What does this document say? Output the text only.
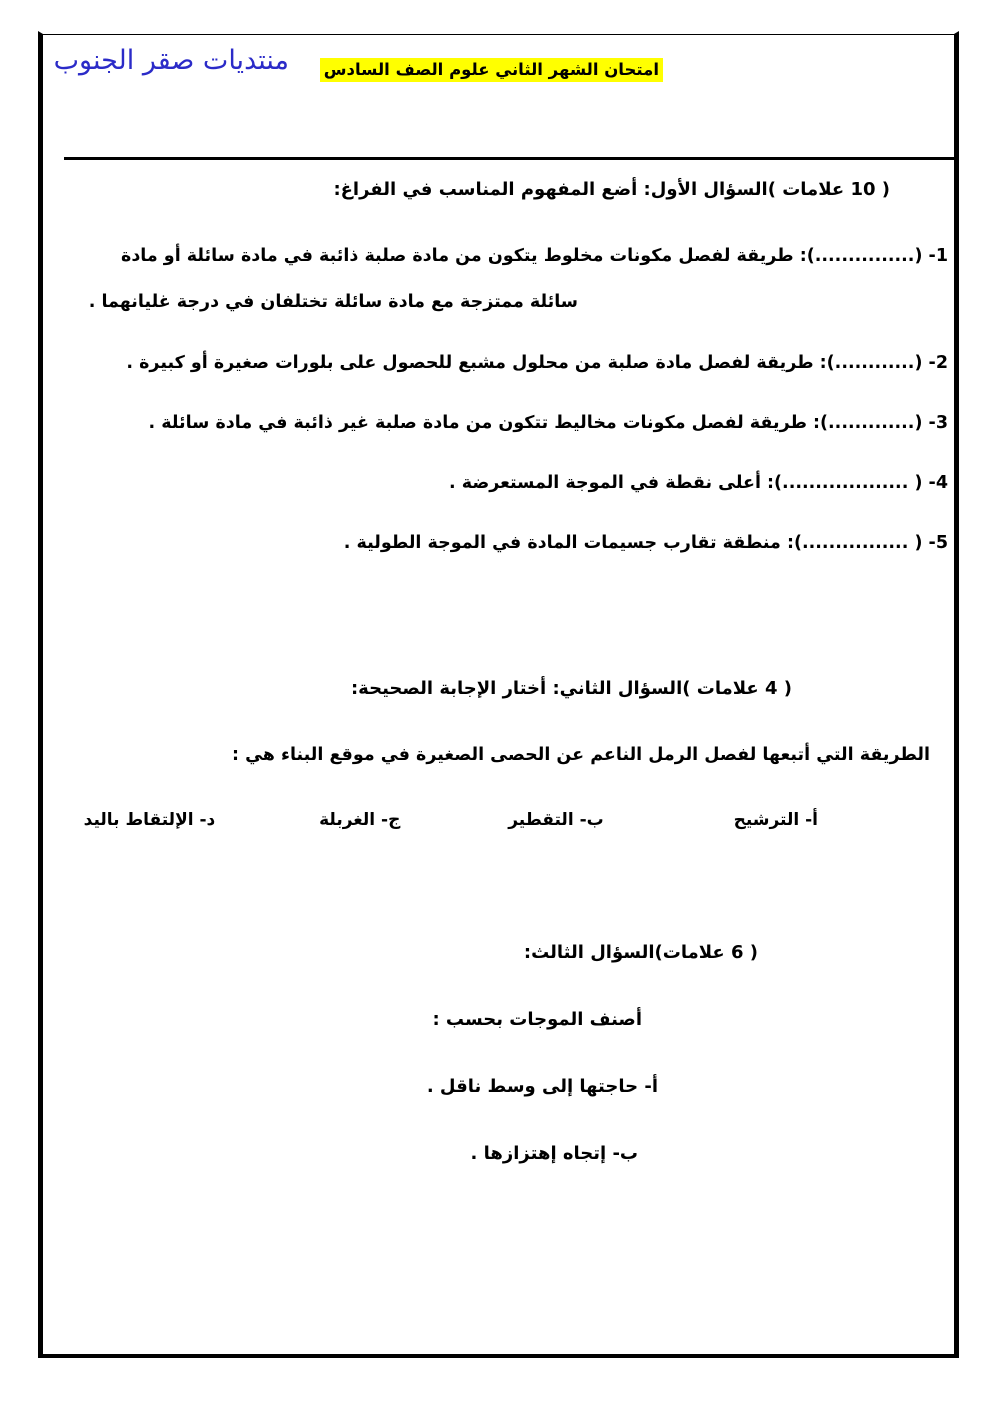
منتديات صقر الجنوب امتحان الشهر الثاني علوم الصف السادس
( 10 علامات )السؤال الأول: أضع المفهوم المناسب في الفراغ:
1- (...............): طريقة لفصل مكونات مخلوط يتكون من مادة صلبة ذائبة في مادة سائلة أو مادة
سائلة ممتزجة مع مادة سائلة تختلفان في درجة غليانهما .
2- (............): طريقة لفصل مادة صلبة من محلول مشبع للحصول على بلورات صغيرة أو كبيرة .
3- (.............): طريقة لفصل مكونات مخاليط تتكون من مادة صلبة غير ذائبة في مادة سائلة .
4- ( ...................): أعلى نقطة في الموجة المستعرضة .
5- ( ................): منطقة تقارب جسيمات المادة في الموجة الطولية .
( 4 علامات )السؤال الثاني: أختار الإجابة الصحيحة:
الطريقة التي أتبعها لفصل الرمل الناعم عن الحصى الصغيرة في موقع البناء هي :
أ- الترشيح  ب- التقطير  ج- الغربلة  د- الإلتقاط باليد
( 6 علامات)السؤال الثالث:
أصنف الموجات بحسب :
أ- حاجتها إلى وسط ناقل .
ب- إتجاه إهتزازها .
